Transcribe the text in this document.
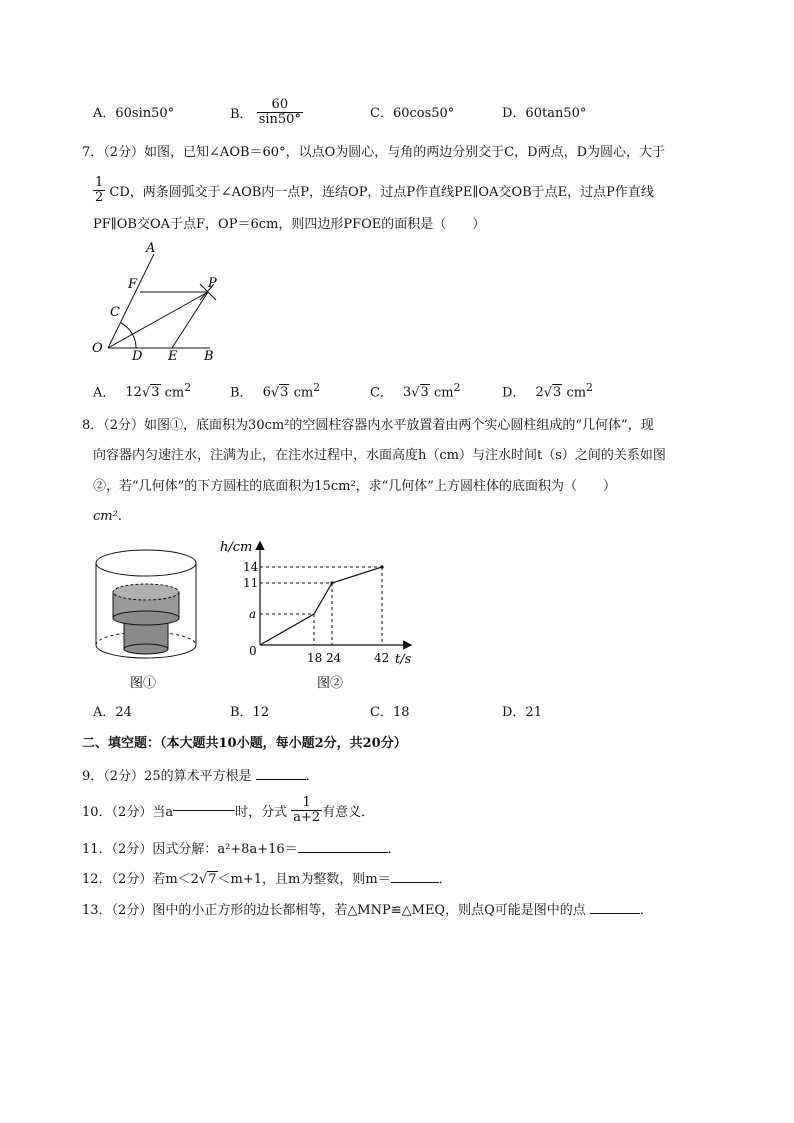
A．60sin50°	B． $\frac{60}{\sin 50^\circ}$	C．60cos50°	D．60tan50°
7．（2分）如图，已知∠AOB＝60°，以点O为圆心，与角的两边分别交于C，D两点，D为圆心，大于
$\frac{1}{2}$ CD，两条圆弧交于∠AOB内一点P，连结OP，过点P作直线PE∥OA交OB于点E，过点P作直线
PF∥OB交OA于点F，OP＝6cm，则四边形PFOE的面积是（　　）
A
F	P
C
O
D E B
A． 12√3 $cm^2$	B． 6√3 $cm^2$	C． 3√3 $cm^2$	D． 2√3 $cm^2$
8．（2分）如图①，底面积为30cm²的空圆柱容器内水平放置着由两个实心圆柱组成的“几何体”，现
向容器内匀速注水，注满为止，在注水过程中，水面高度h（cm）与注水时间t（s）之间的关系如图
②，若“几何体”的下方圆柱的底面积为15cm²，求“几何体”上方圆柱体的底面积为（　　）
cm².
图①
h/cm
14
11
a
0	18 24	42 t/s
图②
A．24	B．12	C．18	D．21
二、填空题：（本大题共10小题，每小题2分，共20分）
9．（2分）25的算术平方根是	．
10．（2分）当a	时，分式 $\frac{1}{a+2}$ 有意义．
11．（2分）因式分解：a²+8a+16＝	．
12．（2分）若m＜2√7＜m+1，且m为整数，则m＝	．
13．（2分）图中的小正方形的边长都相等，若△MNP≌△MEQ，则点Q可能是图中的点	．
